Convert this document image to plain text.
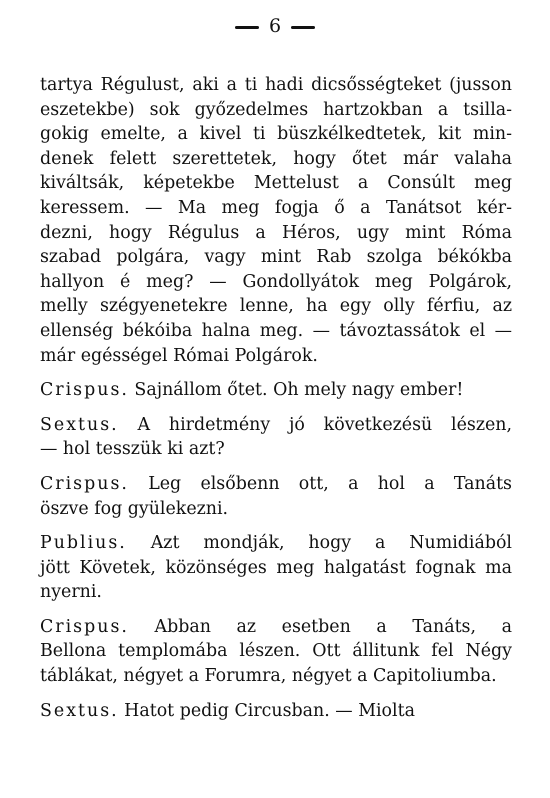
6
tartya Régulust, aki a ti hadi dicsősségteket (jusson
eszetekbe) sok győzedelmes hartzokban a tsilla-
gokig emelte, a kivel ti büszkélkedtetek, kit min-
denek felett szerettetek, hogy őtet már valaha
kiváltsák, képetekbe Mettelust a Consúlt meg
keressem. — Ma meg fogja ő a Tanátsot kér-
dezni, hogy Régulus a Héros, ugy mint Róma
szabad polgára, vagy mint Rab szolga békókba
hallyon é meg? — Gondollyátok meg Polgárok,
melly szégyenetekre lenne, ha egy olly férfiu, az
ellenség békóiba halna meg. — távoztassátok el —
már egésségel Római Polgárok.
Crispus. Sajnállom őtet. Oh mely nagy ember!
Sextus. A hirdetmény jó következésü lészen,
— hol tesszük ki azt?
Crispus. Leg elsőbenn ott, a hol a Tanáts
öszve fog gyülekezni.
Publius. Azt mondják, hogy a Numidiából
jött Követek, közönséges meg halgatást fognak ma
nyerni.
Crispus. Abban az esetben a Tanáts, a
Bellona templomába lészen. Ott állitunk fel Négy
táblákat, négyet a Forumra, négyet a Capitoliumba.
Sextus. Hatot pedig Circusban. — Miolta
